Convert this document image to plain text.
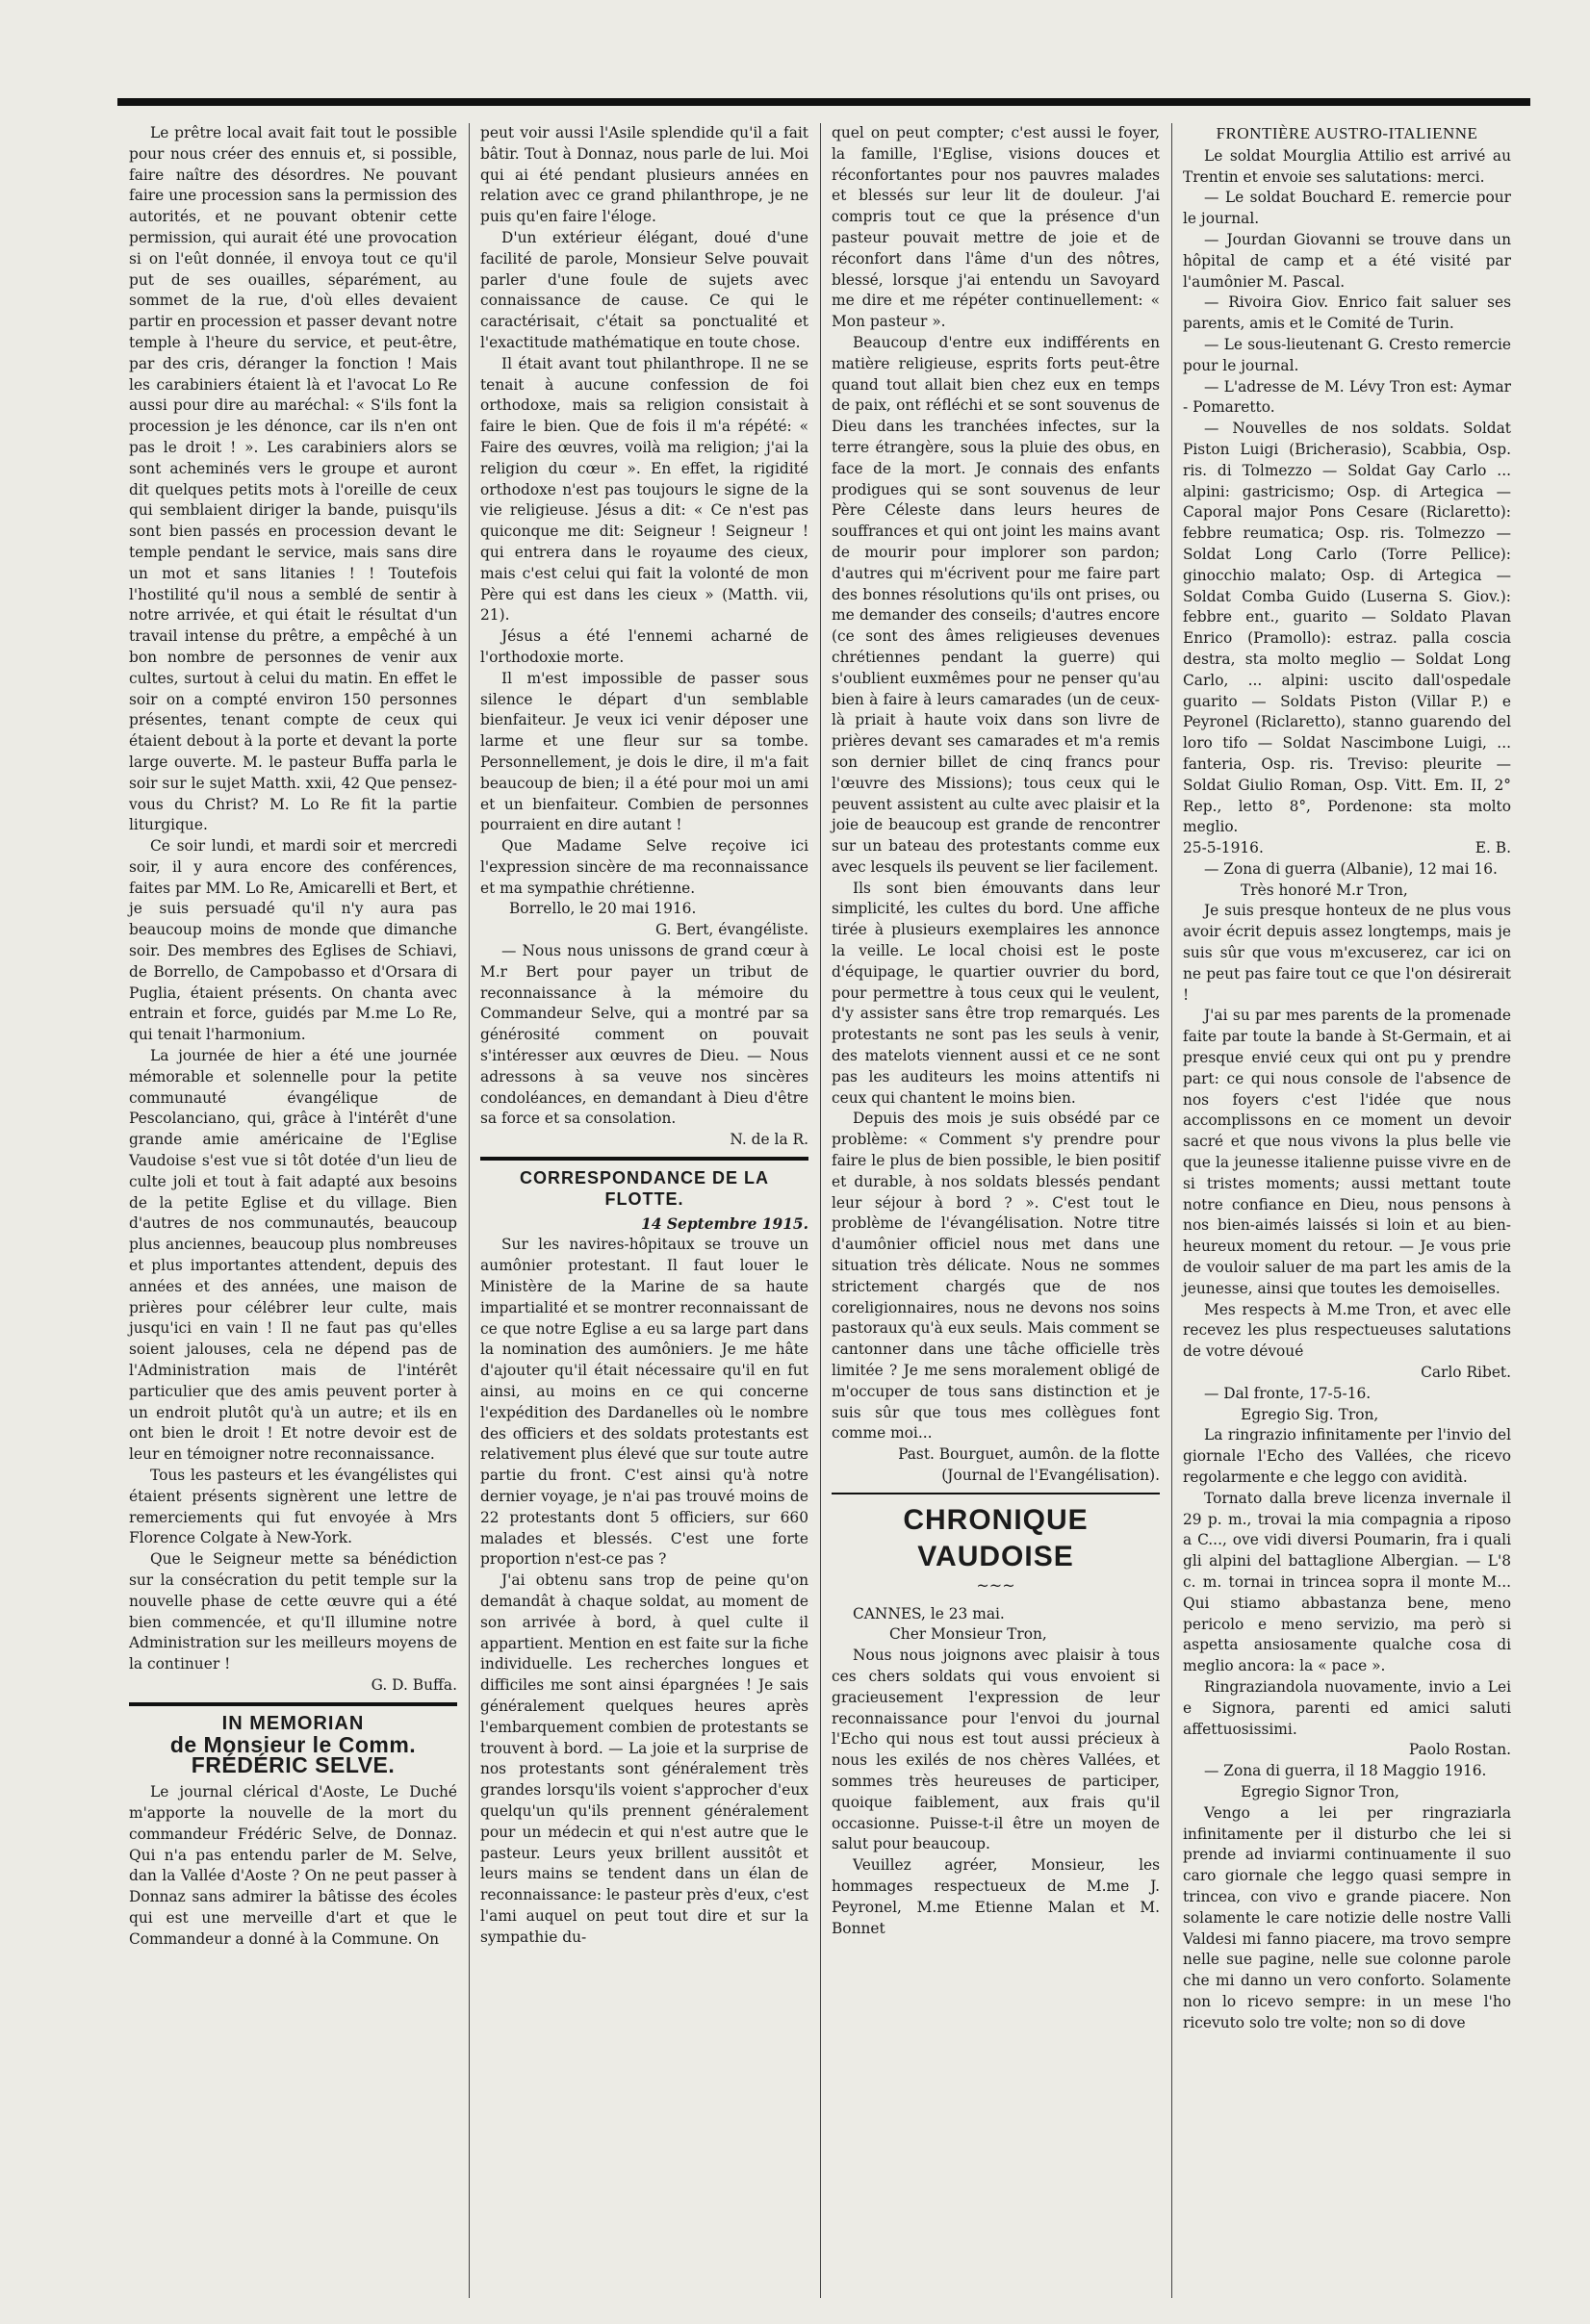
Le prêtre local avait fait tout le possible pour nous créer des ennuis et, si possible, faire naître des désordres. Ne pouvant faire une procession sans la permission des autorités, et ne pouvant obtenir cette permission, qui aurait été une provocation si on l'eût donnée, il envoya tout ce qu'il put de ses ouailles, séparément, au sommet de la rue, d'où elles devaient partir en procession et passer devant notre temple à l'heure du service, et peut-être, par des cris, déranger la fonction ! Mais les carabiniers étaient là et l'avocat Lo Re aussi pour dire au maréchal: « S'ils font la procession je les dénonce, car ils n'en ont pas le droit ! ». Les carabiniers alors se sont acheminés vers le groupe et auront dit quelques petits mots à l'oreille de ceux qui semblaient diriger la bande, puisqu'ils sont bien passés en procession devant le temple pendant le service, mais sans dire un mot et sans litanies ! ! Toutefois l'hostilité qu'il nous a semblé de sentir à notre arrivée, et qui était le résultat d'un travail intense du prêtre, a empêché à un bon nombre de personnes de venir aux cultes, surtout à celui du matin. En effet le soir on a compté environ 150 personnes présentes, tenant compte de ceux qui étaient debout à la porte et devant la porte large ouverte. M. le pasteur Buffa parla le soir sur le sujet Matth. xxii, 42 Que pensez-vous du Christ? M. Lo Re fit la partie liturgique.

Ce soir lundi, et mardi soir et mercredi soir, il y aura encore des conférences, faites par MM. Lo Re, Amicarelli et Bert, et je suis persuadé qu'il n'y aura pas beaucoup moins de monde que dimanche soir. Des membres des Eglises de Schiavi, de Borrello, de Campobasso et d'Orsara di Puglia, étaient présents. On chanta avec entrain et force, guidés par M.me Lo Re, qui tenait l'harmonium.

La journée de hier a été une journée mémorable et solennelle pour la petite communauté évangélique de Pescolanciano, qui, grâce à l'intérêt d'une grande amie américaine de l'Eglise Vaudoise s'est vue si tôt dotée d'un lieu de culte joli et tout à fait adapté aux besoins de la petite Eglise et du village. Bien d'autres de nos communautés, beaucoup plus anciennes, beaucoup plus nombreuses et plus importantes attendent, depuis des années et des années, une maison de prières pour célébrer leur culte, mais jusqu'ici en vain ! Il ne faut pas qu'elles soient jalouses, cela ne dépend pas de l'Administration mais de l'intérêt particulier que des amis peuvent porter à un endroit plutôt qu'à un autre; et ils en ont bien le droit ! Et notre devoir est de leur en témoigner notre reconnaissance.

Tous les pasteurs et les évangélistes qui étaient présents signèrent une lettre de remerciements qui fut envoyée à Mrs Florence Colgate à New-York.

Que le Seigneur mette sa bénédiction sur la consécration du petit temple sur la nouvelle phase de cette œuvre qui a été bien commencée, et qu'Il illumine notre Administration sur les meilleurs moyens de la continuer !

G. D. Buffa.

IN MEMORIAN
de Monsieur le Comm. FRÉDÉRIC SELVE.

Le journal clérical d'Aoste, Le Duché m'apporte la nouvelle de la mort du commandeur Frédéric Selve, de Donnaz. Qui n'a pas entendu parler de M. Selve, dan la Vallée d'Aoste ? On ne peut passer à Donnaz sans admirer la bâtisse des écoles qui est une merveille d'art et que le Commandeur a donné à la Commune. On

peut voir aussi l'Asile splendide qu'il a fait bâtir. Tout à Donnaz, nous parle de lui. Moi qui ai été pendant plusieurs années en relation avec ce grand philanthrope, je ne puis qu'en faire l'éloge.

D'un extérieur élégant, doué d'une facilité de parole, Monsieur Selve pouvait parler d'une foule de sujets avec connaissance de cause. Ce qui le caractérisait, c'était sa ponctualité et l'exactitude mathématique en toute chose.

Il était avant tout philanthrope. Il ne se tenait à aucune confession de foi orthodoxe, mais sa religion consistait à faire le bien. Que de fois il m'a répété: « Faire des œuvres, voilà ma religion; j'ai la religion du cœur ». En effet, la rigidité orthodoxe n'est pas toujours le signe de la vie religieuse. Jésus a dit: « Ce n'est pas quiconque me dit: Seigneur ! Seigneur ! qui entrera dans le royaume des cieux, mais c'est celui qui fait la volonté de mon Père qui est dans les cieux » (Matth. vii, 21).

Jésus a été l'ennemi acharné de l'orthodoxie morte.

Il m'est impossible de passer sous silence le départ d'un semblable bienfaiteur. Je veux ici venir déposer une larme et une fleur sur sa tombe. Personnellement, je dois le dire, il m'a fait beaucoup de bien; il a été pour moi un ami et un bienfaiteur. Combien de personnes pourraient en dire autant !

Que Madame Selve reçoive ici l'expression sincère de ma reconnaissance et ma sympathie chrétienne.

Borrello, le 20 mai 1916.

G. Bert, évangéliste.

— Nous nous unissons de grand cœur à M.r Bert pour payer un tribut de reconnaissance à la mémoire du Commandeur Selve, qui a montré par sa générosité comment on pouvait s'intéresser aux œuvres de Dieu. — Nous adressons à sa veuve nos sincères condoléances, en demandant à Dieu d'être sa force et sa consolation.

N. de la R.

CORRESPONDANCE DE LA FLOTTE.

14 Septembre 1915.

Sur les navires-hôpitaux se trouve un aumônier protestant. Il faut louer le Ministère de la Marine de sa haute impartialité et se montrer reconnaissant de ce que notre Eglise a eu sa large part dans la nomination des aumôniers. Je me hâte d'ajouter qu'il était nécessaire qu'il en fut ainsi, au moins en ce qui concerne l'expédition des Dardanelles où le nombre des officiers et des soldats protestants est relativement plus élevé que sur toute autre partie du front. C'est ainsi qu'à notre dernier voyage, je n'ai pas trouvé moins de 22 protestants dont 5 officiers, sur 660 malades et blessés. C'est une forte proportion n'est-ce pas ?

J'ai obtenu sans trop de peine qu'on demandât à chaque soldat, au moment de son arrivée à bord, à quel culte il appartient. Mention en est faite sur la fiche individuelle. Les recherches longues et difficiles me sont ainsi épargnées ! Je sais généralement quelques heures après l'embarquement combien de protestants se trouvent à bord. — La joie et la surprise de nos protestants sont généralement très grandes lorsqu'ils voient s'approcher d'eux quelqu'un qu'ils prennent généralement pour un médecin et qui n'est autre que le pasteur. Leurs yeux brillent aussitôt et leurs mains se tendent dans un élan de reconnaissance: le pasteur près d'eux, c'est l'ami auquel on peut tout dire et sur la sympathie du-

quel on peut compter; c'est aussi le foyer, la famille, l'Eglise, visions douces et réconfortantes pour nos pauvres malades et blessés sur leur lit de douleur. J'ai compris tout ce que la présence d'un pasteur pouvait mettre de joie et de réconfort dans l'âme d'un des nôtres, blessé, lorsque j'ai entendu un Savoyard me dire et me répéter continuellement: « Mon pasteur ».

Beaucoup d'entre eux indifférents en matière religieuse, esprits forts peut-être quand tout allait bien chez eux en temps de paix, ont réfléchi et se sont souvenus de Dieu dans les tranchées infectes, sur la terre étrangère, sous la pluie des obus, en face de la mort. Je connais des enfants prodigues qui se sont souvenus de leur Père Céleste dans leurs heures de souffrances et qui ont joint les mains avant de mourir pour implorer son pardon; d'autres qui m'écrivent pour me faire part des bonnes résolutions qu'ils ont prises, ou me demander des conseils; d'autres encore (ce sont des âmes religieuses devenues chrétiennes pendant la guerre) qui s'oublient euxmêmes pour ne penser qu'au bien à faire à leurs camarades (un de ceux-là priait à haute voix dans son livre de prières devant ses camarades et m'a remis son dernier billet de cinq francs pour l'œuvre des Missions); tous ceux qui le peuvent assistent au culte avec plaisir et la joie de beaucoup est grande de rencontrer sur un bateau des protestants comme eux avec lesquels ils peuvent se lier facilement.

Ils sont bien émouvants dans leur simplicité, les cultes du bord. Une affiche tirée à plusieurs exemplaires les annonce la veille. Le local choisi est le poste d'équipage, le quartier ouvrier du bord, pour permettre à tous ceux qui le veulent, d'y assister sans être trop remarqués. Les protestants ne sont pas les seuls à venir, des matelots viennent aussi et ce ne sont pas les auditeurs les moins attentifs ni ceux qui chantent le moins bien.

Depuis des mois je suis obsédé par ce problème: « Comment s'y prendre pour faire le plus de bien possible, le bien positif et durable, à nos soldats blessés pendant leur séjour à bord ? ». C'est tout le problème de l'évangélisation. Notre titre d'aumônier officiel nous met dans une situation très délicate. Nous ne sommes strictement chargés que de nos coreligionnaires, nous ne devons nos soins pastoraux qu'à eux seuls. Mais comment se cantonner dans une tâche officielle très limitée ? Je me sens moralement obligé de m'occuper de tous sans distinction et je suis sûr que tous mes collègues font comme moi...

Past. Bourguet, aumôn. de la flotte

(Journal de l'Evangélisation).

CHRONIQUE VAUDOISE
~~~

CANNES, le 23 mai.

Cher Monsieur Tron,

Nous nous joignons avec plaisir à tous ces chers soldats qui vous envoient si gracieusement l'expression de leur reconnaissance pour l'envoi du journal l'Echo qui nous est tout aussi précieux à nous les exilés de nos chères Vallées, et sommes très heureuses de participer, quoique faiblement, aux frais qu'il occasionne. Puisse-t-il être un moyen de salut pour beaucoup.

Veuillez agréer, Monsieur, les hommages respectueux de M.me J. Peyronel, M.me Etienne Malan et M. Bonnet

FRONTIÈRE AUSTRO-ITALIENNE

Le soldat Mourglia Attilio est arrivé au Trentin et envoie ses salutations: merci.

— Le soldat Bouchard E. remercie pour le journal.

— Jourdan Giovanni se trouve dans un hôpital de camp et a été visité par l'aumônier M. Pascal.

— Rivoira Giov. Enrico fait saluer ses parents, amis et le Comité de Turin.

— Le sous-lieutenant G. Cresto remercie pour le journal.

— L'adresse de M. Lévy Tron est: Aymar - Pomaretto.

— Nouvelles de nos soldats. Soldat Piston Luigi (Bricherasio), Scabbia, Osp. ris. di Tolmezzo — Soldat Gay Carlo ... alpini: gastricismo; Osp. di Artegica — Caporal major Pons Cesare (Riclaretto): febbre reumatica; Osp. ris. Tolmezzo — Soldat Long Carlo (Torre Pellice): ginocchio malato; Osp. di Artegica — Soldat Comba Guido (Luserna S. Giov.): febbre ent., guarito — Soldato Plavan Enrico (Pramollo): estraz. palla coscia destra, sta molto meglio — Soldat Long Carlo, ... alpini: uscito dall'ospedale guarito — Soldats Piston (Villar P.) e Peyronel (Riclaretto), stanno guarendo del loro tifo — Soldat Nascimbone Luigi, ... fanteria, Osp. ris. Treviso: pleurite — Soldat Giulio Roman, Osp. Vitt. Em. II, 2° Rep., letto 8°, Pordenone: sta molto meglio.

25-5-1916.	E. B.

— Zona di guerra (Albanie), 12 mai 16.

Très honoré M.r Tron,

Je suis presque honteux de ne plus vous avoir écrit depuis assez longtemps, mais je suis sûr que vous m'excuserez, car ici on ne peut pas faire tout ce que l'on désirerait !

J'ai su par mes parents de la promenade faite par toute la bande à St-Germain, et ai presque envié ceux qui ont pu y prendre part: ce qui nous console de l'absence de nos foyers c'est l'idée que nous accomplissons en ce moment un devoir sacré et que nous vivons la plus belle vie que la jeunesse italienne puisse vivre en de si tristes moments; aussi mettant toute notre confiance en Dieu, nous pensons à nos bien-aimés laissés si loin et au bien-heureux moment du retour. — Je vous prie de vouloir saluer de ma part les amis de la jeunesse, ainsi que toutes les demoiselles.

Mes respects à M.me Tron, et avec elle recevez les plus respectueuses salutations de votre dévoué

Carlo Ribet.

— Dal fronte, 17-5-16.

Egregio Sig. Tron,

La ringrazio infinitamente per l'invio del giornale l'Echo des Vallées, che ricevo regolarmente e che leggo con avidità.

Tornato dalla breve licenza invernale il 29 p. m., trovai la mia compagnia a riposo a C..., ove vidi diversi Poumarin, fra i quali gli alpini del battaglione Albergian. — L'8 c. m. tornai in trincea sopra il monte M... Qui stiamo abbastanza bene, meno pericolo e meno servizio, ma però si aspetta ansiosamente qualche cosa di meglio ancora: la « pace ».

Ringraziandola nuovamente, invio a Lei e Signora, parenti ed amici saluti affettuosissimi.

Paolo Rostan.

— Zona di guerra, il 18 Maggio 1916.

Egregio Signor Tron,

Vengo a lei per ringraziarla infinitamente per il disturbo che lei si prende ad inviarmi continuamente il suo caro giornale che leggo quasi sempre in trincea, con vivo e grande piacere. Non solamente le care notizie delle nostre Valli Valdesi mi fanno piacere, ma trovo sempre nelle sue pagine, nelle sue colonne parole che mi danno un vero conforto. Solamente non lo ricevo sempre: in un mese l'ho ricevuto solo tre volte; non so di dove
